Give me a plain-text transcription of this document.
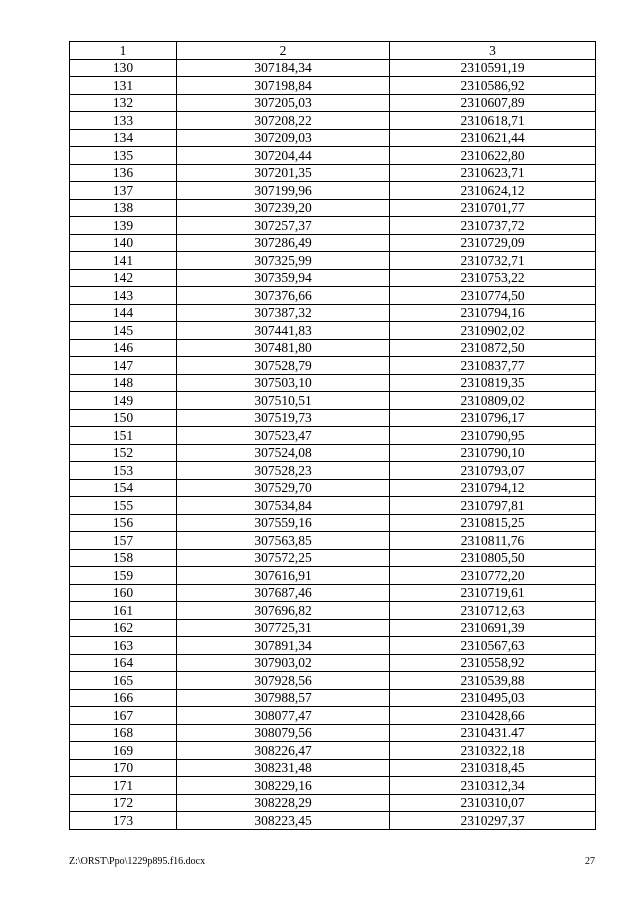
1	2	3
130	307184,34	2310591,19
131	307198,84	2310586,92
132	307205,03	2310607,89
133	307208,22	2310618,71
134	307209,03	2310621,44
135	307204,44	2310622,80
136	307201,35	2310623,71
137	307199,96	2310624,12
138	307239,20	2310701,77
139	307257,37	2310737,72
140	307286,49	2310729,09
141	307325,99	2310732,71
142	307359,94	2310753,22
143	307376,66	2310774,50
144	307387,32	2310794,16
145	307441,83	2310902,02
146	307481,80	2310872,50
147	307528,79	2310837,77
148	307503,10	2310819,35
149	307510,51	2310809,02
150	307519,73	2310796,17
151	307523,47	2310790,95
152	307524,08	2310790,10
153	307528,23	2310793,07
154	307529,70	2310794,12
155	307534,84	2310797,81
156	307559,16	2310815,25
157	307563,85	2310811,76
158	307572,25	2310805,50
159	307616,91	2310772,20
160	307687,46	2310719,61
161	307696,82	2310712,63
162	307725,31	2310691,39
163	307891,34	2310567,63
164	307903,02	2310558,92
165	307928,56	2310539,88
166	307988,57	2310495,03
167	308077,47	2310428,66
168	308079,56	2310431.47
169	308226,47	2310322,18
170	308231,48	2310318,45
171	308229,16	2310312,34
172	308228,29	2310310,07
173	308223,45	2310297,37
Z:\ORST\Ppo\1229p895.f16.docx	27
